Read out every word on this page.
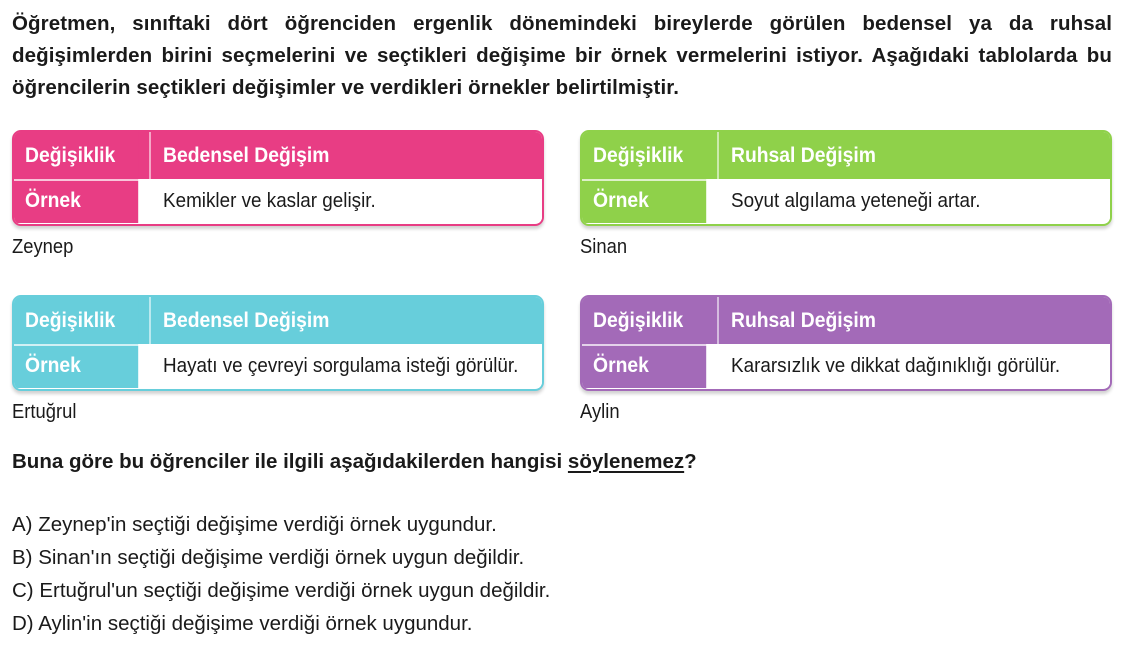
Öğretmen, sınıftaki dört öğrenciden ergenlik dönemindeki bireylerde görülen bedensel ya da ruhsal değişimlerden birini seçmelerini ve seçtikleri değişime bir örnek vermelerini istiyor. Aşağıdaki tablolarda bu öğrencilerin seçtikleri değişimler ve verdikleri örnekler belirtilmiştir.
Değişiklik	Bedensel Değişim
Örnek	Kemikler ve kaslar gelişir.
Zeynep
Değişiklik	Ruhsal Değişim
Örnek	Soyut algılama yeteneği artar.
Sinan
Değişiklik	Bedensel Değişim
Örnek	Hayatı ve çevreyi sorgulama isteği görülür.
Ertuğrul
Değişiklik	Ruhsal Değişim
Örnek	Kararsızlık ve dikkat dağınıklığı görülür.
Aylin
Buna göre bu öğrenciler ile ilgili aşağıdakilerden hangisi söylenemez?
A) Zeynep'in seçtiği değişime verdiği örnek uygundur.
B) Sinan'ın seçtiği değişime verdiği örnek uygun değildir.
C) Ertuğrul'un seçtiği değişime verdiği örnek uygun değildir.
D) Aylin'in seçtiği değişime verdiği örnek uygundur.
